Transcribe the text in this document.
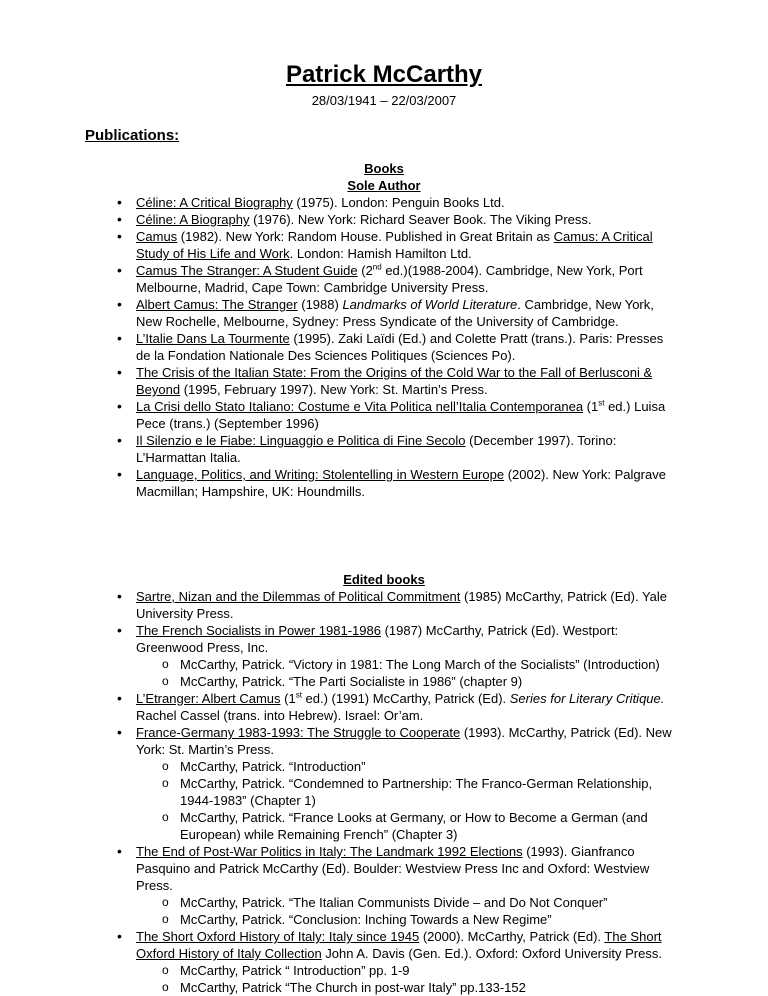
Patrick McCarthy
28/03/1941 – 22/03/2007
Publications:
Books
Sole Author
• Céline: A Critical Biography (1975). London: Penguin Books Ltd.
• Céline: A Biography (1976). New York: Richard Seaver Book. The Viking Press.
• Camus (1982). New York: Random House. Published in Great Britain as Camus: A Critical Study of His Life and Work. London: Hamish Hamilton Ltd.
• Camus The Stranger: A Student Guide (2nd ed.)(1988-2004). Cambridge, New York, Port Melbourne, Madrid, Cape Town: Cambridge University Press.
• Albert Camus: The Stranger (1988) Landmarks of World Literature. Cambridge, New York, New Rochelle, Melbourne, Sydney: Press Syndicate of the University of Cambridge.
• L’Italie Dans La Tourmente (1995). Zaki Laïdi (Ed.) and Colette Pratt (trans.). Paris: Presses de la Fondation Nationale Des Sciences Politiques (Sciences Po).
• The Crisis of the Italian State: From the Origins of the Cold War to the Fall of Berlusconi & Beyond (1995, February 1997). New York: St. Martin’s Press.
• La Crisi dello Stato Italiano: Costume e Vita Politica nell’Italia Contemporanea (1st ed.) Luisa Pece (trans.) (September 1996)
• Il Silenzio e le Fiabe: Linguaggio e Politica di Fine Secolo (December 1997). Torino: L’Harmattan Italia.
• Language, Politics, and Writing: Stolentelling in Western Europe (2002). New York: Palgrave Macmillan; Hampshire, UK: Houndmills.
Edited books
• Sartre, Nizan and the Dilemmas of Political Commitment (1985) McCarthy, Patrick (Ed). Yale University Press.
• The French Socialists in Power 1981-1986 (1987) McCarthy, Patrick (Ed). Westport: Greenwood Press, Inc.
o McCarthy, Patrick. “Victory in 1981: The Long March of the Socialists” (Introduction)
o McCarthy, Patrick. “The Parti Socialiste in 1986” (chapter 9)
• L’Etranger: Albert Camus (1st ed.) (1991) McCarthy, Patrick (Ed). Series for Literary Critique. Rachel Cassel (trans. into Hebrew). Israel: Or’am.
• France-Germany 1983-1993: The Struggle to Cooperate (1993). McCarthy, Patrick (Ed). New York: St. Martin’s Press.
o McCarthy, Patrick. “Introduction”
o McCarthy, Patrick. “Condemned to Partnership: The Franco-German Relationship, 1944-1983” (Chapter 1)
o McCarthy, Patrick. “France Looks at Germany, or How to Become a German (and European) while Remaining French” (Chapter 3)
• The End of Post-War Politics in Italy: The Landmark 1992 Elections (1993). Gianfranco Pasquino and Patrick McCarthy (Ed). Boulder: Westview Press Inc and Oxford: Westview Press.
o McCarthy, Patrick. “The Italian Communists Divide – and Do Not Conquer”
o McCarthy, Patrick. “Conclusion: Inching Towards a New Regime”
• The Short Oxford History of Italy: Italy since 1945 (2000). McCarthy, Patrick (Ed). The Short Oxford History of Italy Collection John A. Davis (Gen. Ed.). Oxford: Oxford University Press.
o McCarthy, Patrick “ Introduction” pp. 1-9
o McCarthy, Patrick “The Church in post-war Italy” pp.133-152
